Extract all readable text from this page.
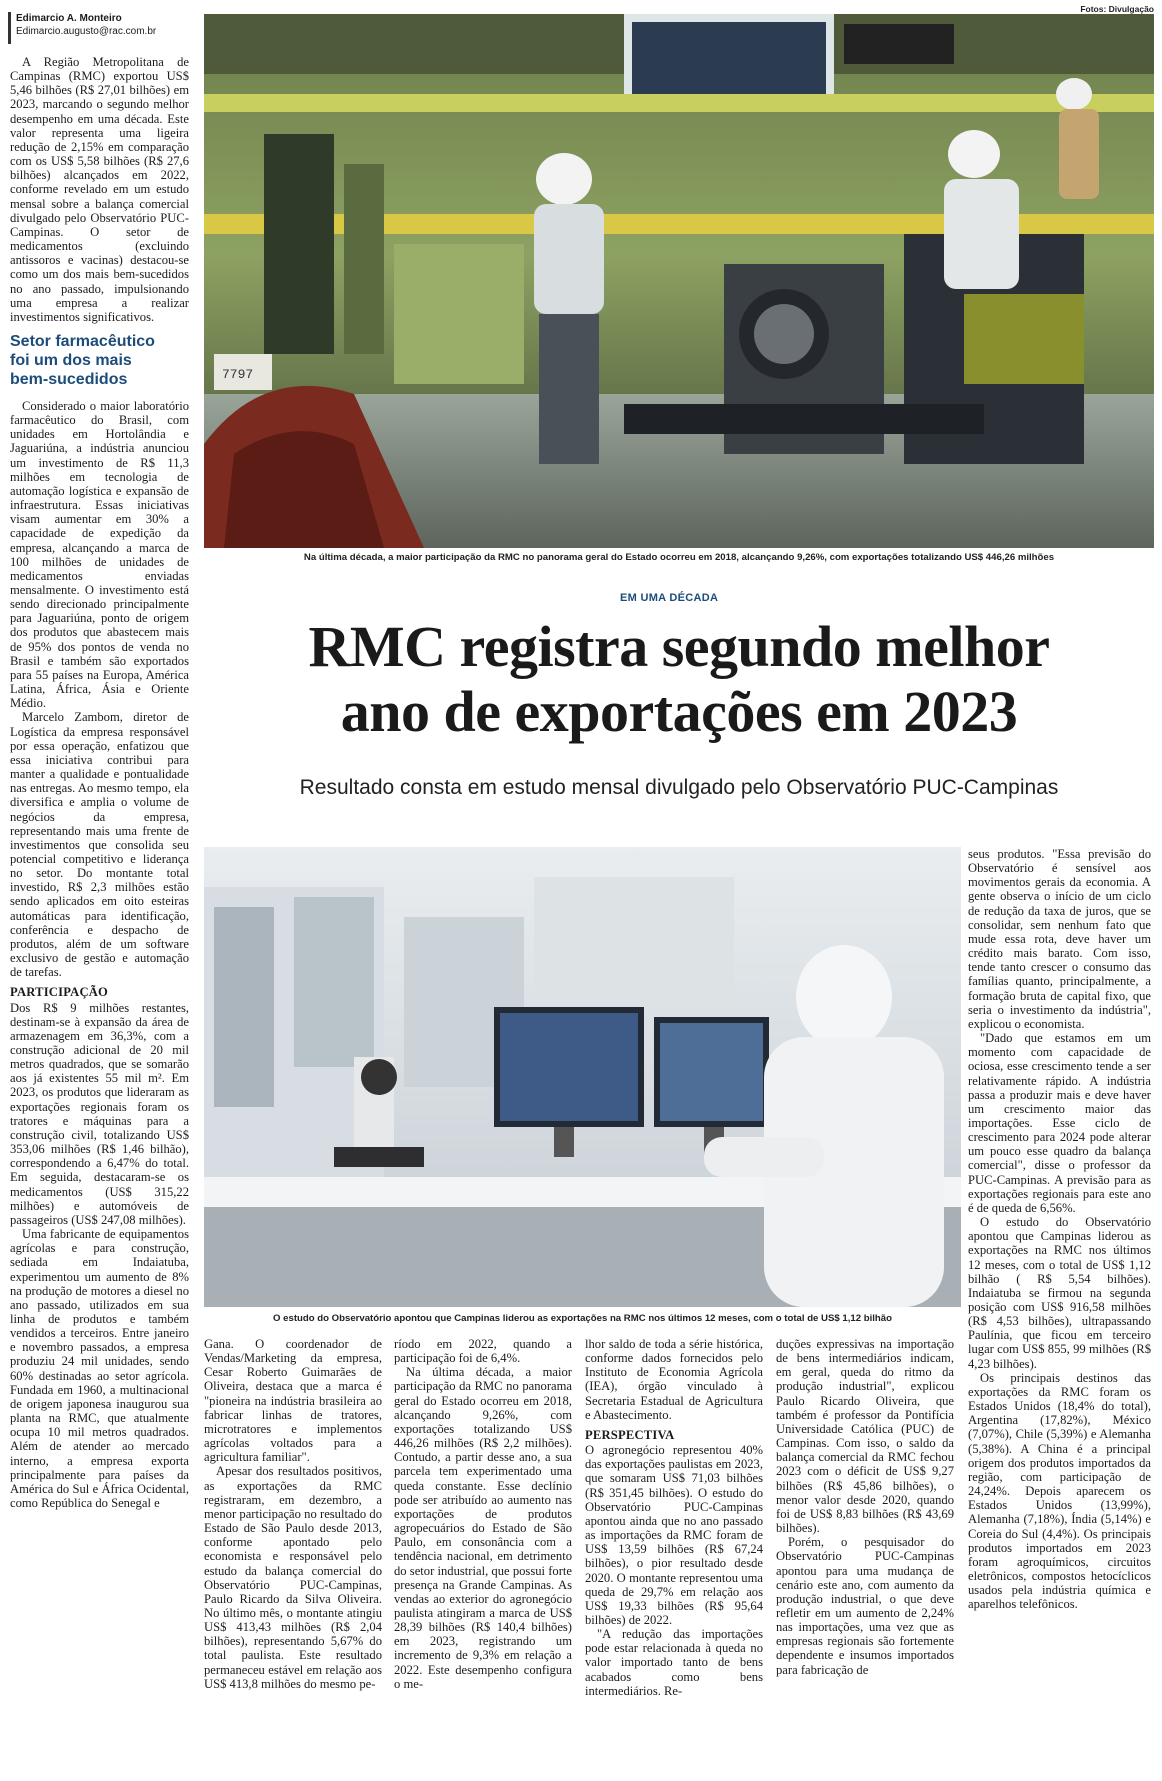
Edimarcio A. Monteiro
Edimarcio.augusto@rac.com.br
Fotos: Divulgação

A Região Metropolitana de Campinas (RMC) exportou US$ 5,46 bilhões (R$ 27,01 bilhões) em 2023, marcando o segundo melhor desempenho em uma década. Este valor representa uma ligeira redução de 2,15% em comparação com os US$ 5,58 bilhões (R$ 27,6 bilhões) alcançados em 2022, conforme revelado em um estudo mensal sobre a balança comercial divulgado pelo Observatório PUC-Campinas. O setor de medicamentos (excluindo antissoros e vacinas) destacou-se como um dos mais bem-sucedidos no ano passado, impulsionando uma empresa a realizar investimentos significativos.

Setor farmacêutico foi um dos mais bem-sucedidos

Considerado o maior laboratório farmacêutico do Brasil, com unidades em Hortolândia e Jaguariúna, a indústria anunciou um investimento de R$ 11,3 milhões em tecnologia de automação logística e expansão de infraestrutura. Essas iniciativas visam aumentar em 30% a capacidade de expedição da empresa, alcançando a marca de 100 milhões de unidades de medicamentos enviadas mensalmente. O investimento está sendo direcionado principalmente para Jaguariúna, ponto de origem dos produtos que abastecem mais de 95% dos pontos de venda no Brasil e também são exportados para 55 países na Europa, América Latina, África, Ásia e Oriente Médio.

Marcelo Zambom, diretor de Logística da empresa responsável por essa operação, enfatizou que essa iniciativa contribui para manter a qualidade e pontualidade nas entregas. Ao mesmo tempo, ela diversifica e amplia o volume de negócios da empresa, representando mais uma frente de investimentos que consolida seu potencial competitivo e liderança no setor. Do montante total investido, R$ 2,3 milhões estão sendo aplicados em oito esteiras automáticas para identificação, conferência e despacho de produtos, além de um software exclusivo de gestão e automação de tarefas.

PARTICIPAÇÃO

Dos R$ 9 milhões restantes, destinam-se à expansão da área de armazenagem em 36,3%, com a construção adicional de 20 mil metros quadrados, que se somarão aos já existentes 55 mil m². Em 2023, os produtos que lideraram as exportações regionais foram os tratores e máquinas para a construção civil, totalizando US$ 353,06 milhões (R$ 1,46 bilhão), correspondendo a 6,47% do total. Em seguida, destacaram-se os medicamentos (US$ 315,22 milhões) e automóveis de passageiros (US$ 247,08 milhões).

Uma fabricante de equipamentos agrícolas e para construção, sediada em Indaiatuba, experimentou um aumento de 8% na produção de motores a diesel no ano passado, utilizados em sua linha de produtos e também vendidos a terceiros. Entre janeiro e novembro passados, a empresa produziu 24 mil unidades, sendo 60% destinadas ao setor agrícola. Fundada em 1960, a multinacional de origem japonesa inaugurou sua planta na RMC, que atualmente ocupa 10 mil metros quadrados. Além de atender ao mercado interno, a empresa exporta principalmente para países da América do Sul e África Ocidental, como República do Senegal e

7797
Na última década, a maior participação da RMC no panorama geral do Estado ocorreu em 2018, alcançando 9,26%, com exportações totalizando US$ 446,26 milhões
EM UMA DÉCADA
RMC registra segundo melhor
ano de exportações em 2023
Resultado consta em estudo mensal divulgado pelo Observatório PUC-Campinas
O estudo do Observatório apontou que Campinas liderou as exportações na RMC nos últimos 12 meses, com o total de US$ 1,12 bilhão

seus produtos. "Essa previsão do Observatório é sensível aos movimentos gerais da economia. A gente observa o início de um ciclo de redução da taxa de juros, que se consolidar, sem nenhum fato que mude essa rota, deve haver um crédito mais barato. Com isso, tende tanto crescer o consumo das famílias quanto, principalmente, a formação bruta de capital fixo, que seria o investimento da indústria", explicou o economista.

"Dado que estamos em um momento com capacidade de ociosa, esse crescimento tende a ser relativamente rápido. A indústria passa a produzir mais e deve haver um crescimento maior das importações. Esse ciclo de crescimento para 2024 pode alterar um pouco esse quadro da balança comercial", disse o professor da PUC-Campinas. A previsão para as exportações regionais para este ano é de queda de 6,56%.

O estudo do Observatório apontou que Campinas liderou as exportações na RMC nos últimos 12 meses, com o total de US$ 1,12 bilhão ( R$ 5,54 bilhões). Indaiatuba se firmou na segunda posição com US$ 916,58 milhões (R$ 4,53 bilhões), ultrapassando Paulínia, que ficou em terceiro lugar com US$ 855, 99 milhões (R$ 4,23 bilhões).

Os principais destinos das exportações da RMC foram os Estados Unidos (18,4% do total), Argentina (17,82%), México (7,07%), Chile (5,39%) e Alemanha (5,38%). A China é a principal origem dos produtos importados da região, com participação de 24,24%. Depois aparecem os Estados Unidos (13,99%), Alemanha (7,18%), Índia (5,14%) e Coreia do Sul (4,4%). Os principais produtos importados em 2023 foram agroquímicos, circuitos eletrônicos, compostos hetocíclicos usados pela indústria química e aparelhos telefônicos.

Gana. O coordenador de Vendas/Marketing da empresa, Cesar Roberto Guimarães de Oliveira, destaca que a marca é "pioneira na indústria brasileira ao fabricar linhas de tratores, microtratores e implementos agrícolas voltados para a agricultura familiar".

Apesar dos resultados positivos, as exportações da RMC registraram, em dezembro, a menor participação no resultado do Estado de São Paulo desde 2013, conforme apontado pelo economista e responsável pelo estudo da balança comercial do Observatório PUC-Campinas, Paulo Ricardo da Silva Oliveira. No último mês, o montante atingiu US$ 413,43 milhões (R$ 2,04 bilhões), representando 5,67% do total paulista. Este resultado permaneceu estável em relação aos US$ 413,8 milhões do mesmo pe-

ríodo em 2022, quando a participação foi de 6,4%.

Na última década, a maior participação da RMC no panorama geral do Estado ocorreu em 2018, alcançando 9,26%, com exportações totalizando US$ 446,26 milhões (R$ 2,2 milhões). Contudo, a partir desse ano, a sua parcela tem experimentado uma queda constante. Esse declínio pode ser atribuído ao aumento nas exportações de produtos agropecuários do Estado de São Paulo, em consonância com a tendência nacional, em detrimento do setor industrial, que possui forte presença na Grande Campinas. As vendas ao exterior do agronegócio paulista atingiram a marca de US$ 28,39 bilhões (R$ 140,4 bilhões) em 2023, registrando um incremento de 9,3% em relação a 2022. Este desempenho configura o me-

lhor saldo de toda a série histórica, conforme dados fornecidos pelo Instituto de Economia Agrícola (IEA), órgão vinculado à Secretaria Estadual de Agricultura e Abastecimento.

PERSPECTIVA

O agronegócio representou 40% das exportações paulistas em 2023, que somaram US$ 71,03 bilhões (R$ 351,45 bilhões). O estudo do Observatório PUC-Campinas apontou ainda que no ano passado as importações da RMC foram de US$ 13,59 bilhões (R$ 67,24 bilhões), o pior resultado desde 2020. O montante representou uma queda de 29,7% em relação aos US$ 19,33 bilhões (R$ 95,64 bilhões) de 2022.

"A redução das importações pode estar relacionada à queda no valor importado tanto de bens acabados como bens intermediários. Re-

duções expressivas na importação de bens intermediários indicam, em geral, queda do ritmo da produção industrial", explicou Paulo Ricardo Oliveira, que também é professor da Pontifícia Universidade Católica (PUC) de Campinas. Com isso, o saldo da balança comercial da RMC fechou 2023 com o déficit de US$ 9,27 bilhões (R$ 45,86 bilhões), o menor valor desde 2020, quando foi de US$ 8,83 bilhões (R$ 43,69 bilhões).

Porém, o pesquisador do Observatório PUC-Campinas apontou para uma mudança de cenário este ano, com aumento da produção industrial, o que deve refletir em um aumento de 2,24% nas importações, uma vez que as empresas regionais são fortemente dependente e insumos importados para fabricação de
